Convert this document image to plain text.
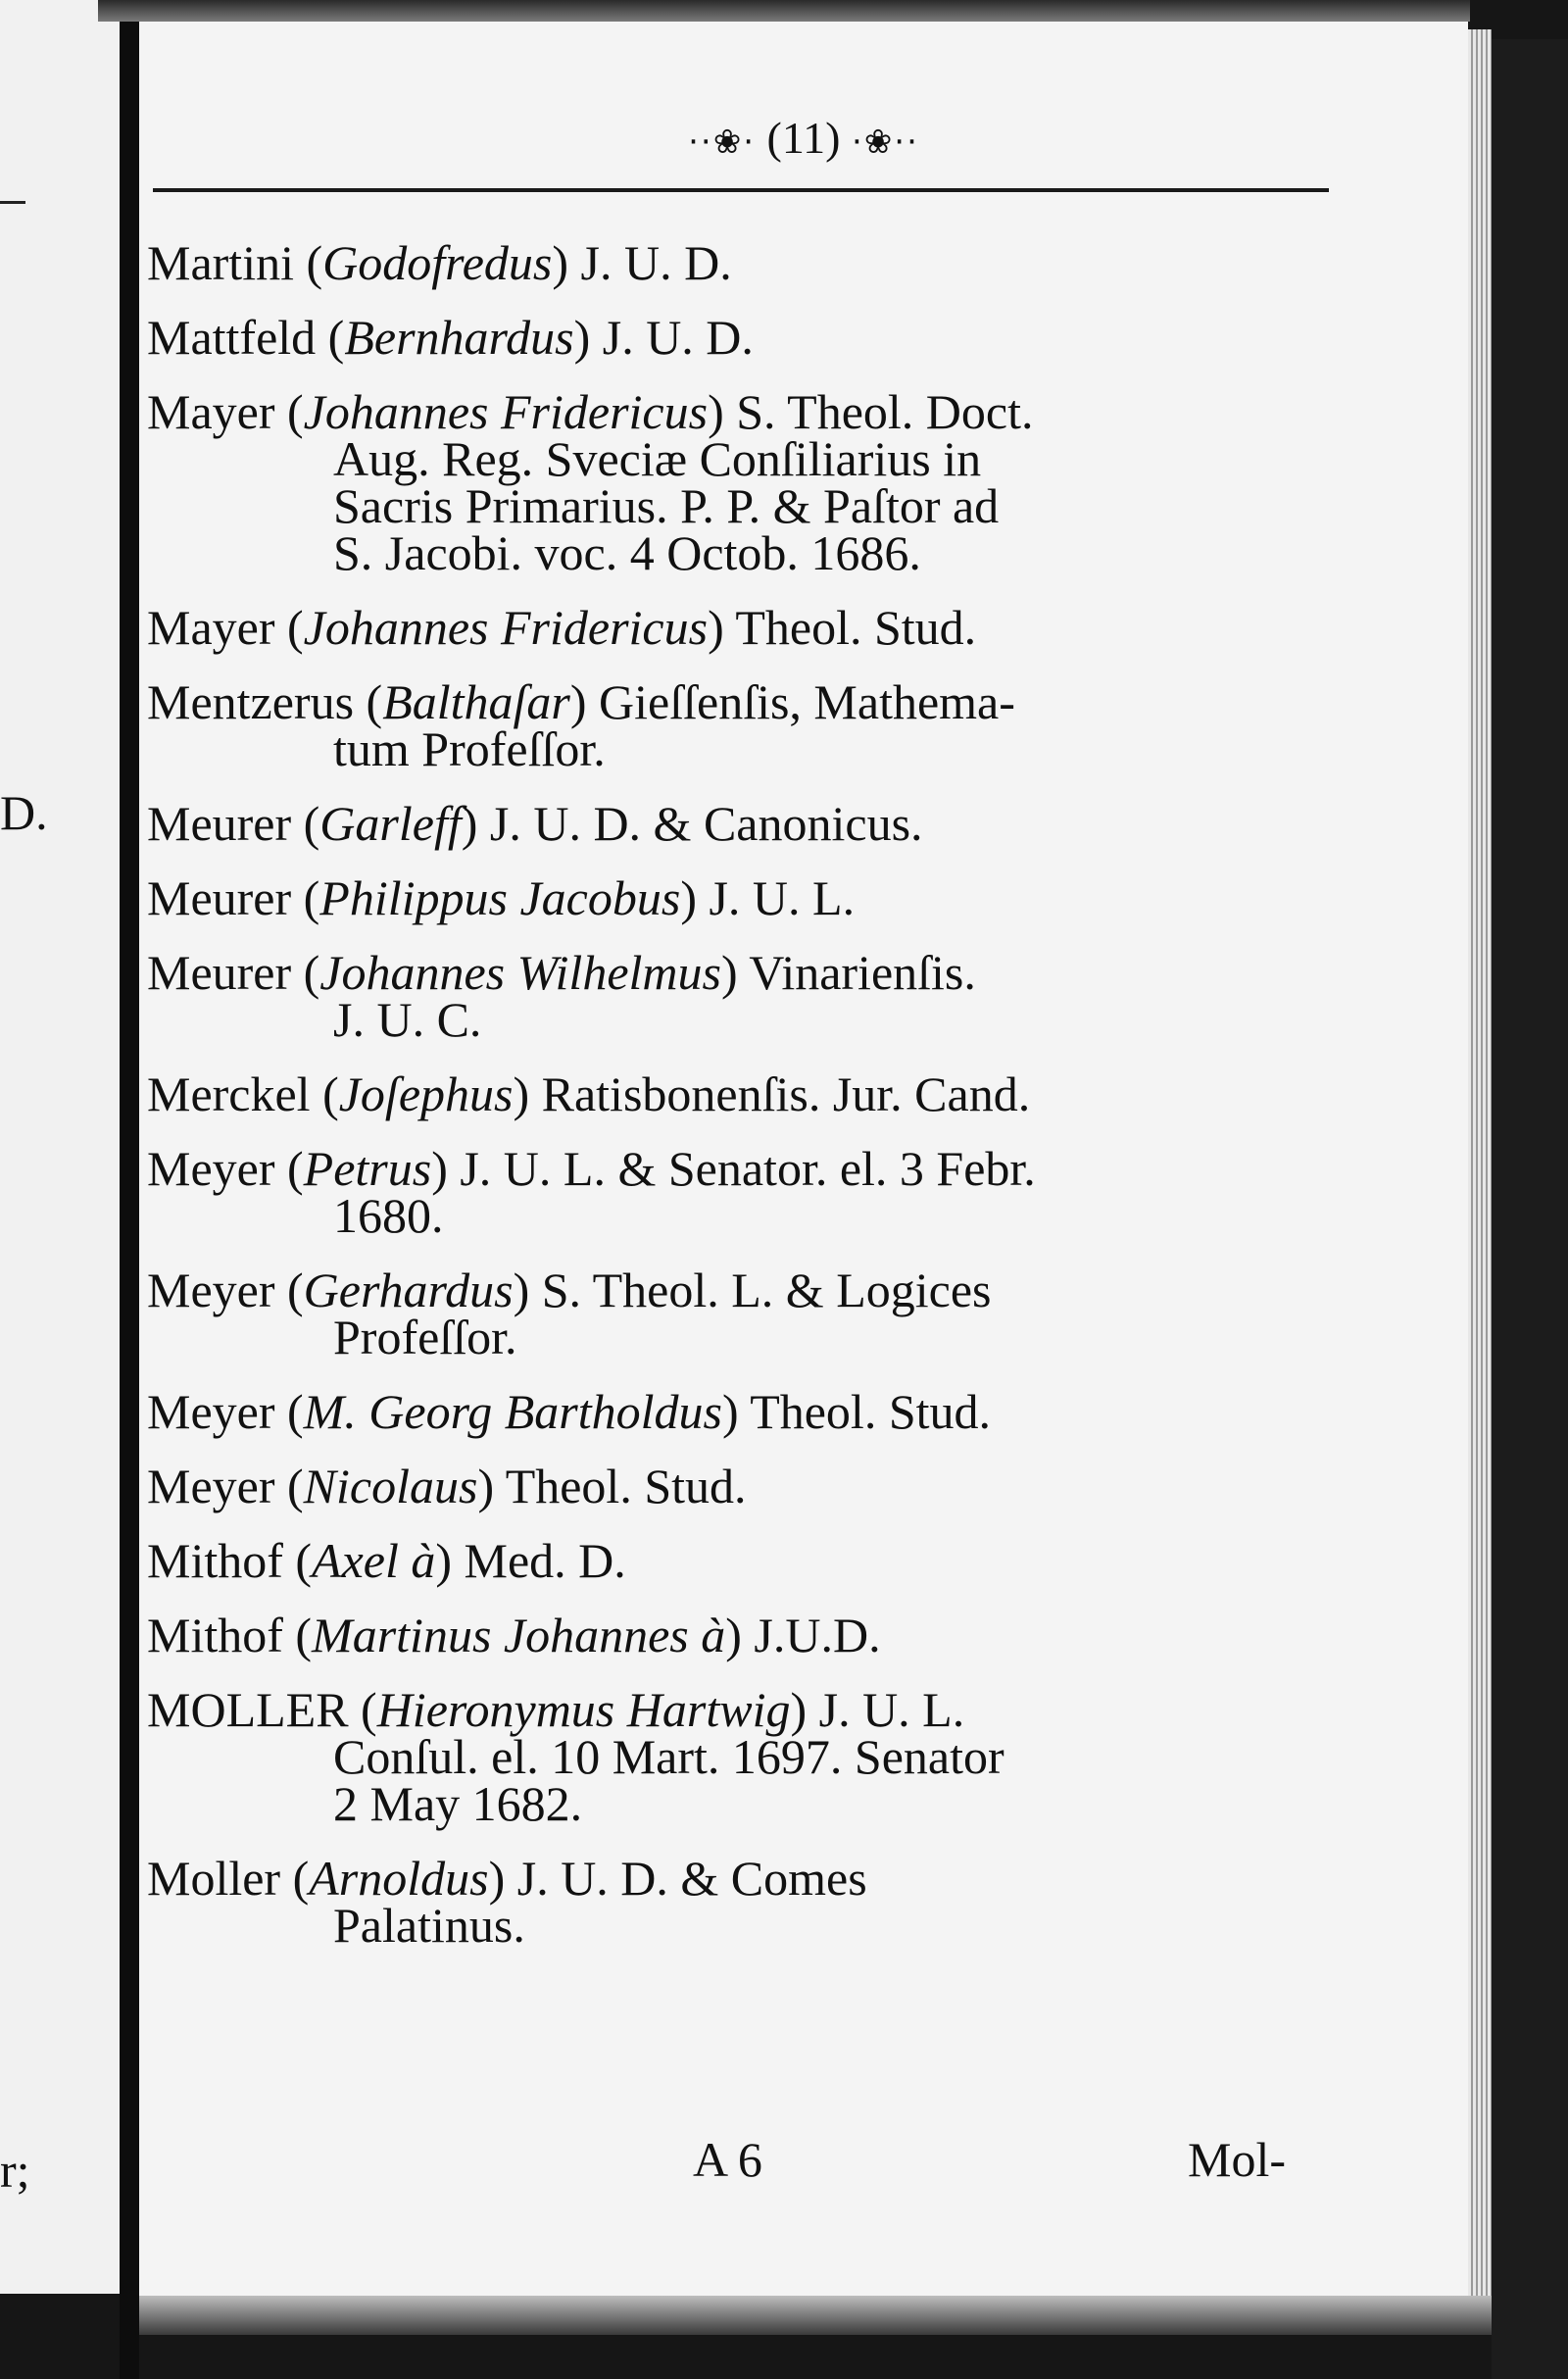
D.
r;
··❀· (11) ·❀··
Martini (Godofredus) J. U. D.
Mattfeld (Bernhardus) J. U. D.
Mayer (Johannes Fridericus) S. Theol. Doct.
Aug. Reg. Sveciæ Conſiliarius in
Sacris Primarius. P. P. & Paſtor ad
S. Jacobi. voc. 4 Octob. 1686.
Mayer (Johannes Fridericus) Theol. Stud.
Mentzerus (Balthaſar) Gieſſenſis, Mathema-
tum Profeſſor.
Meurer (Garleff) J. U. D. & Canonicus.
Meurer (Philippus Jacobus) J. U. L.
Meurer (Johannes Wilhelmus) Vinarienſis.
J. U. C.
Merckel (Joſephus) Ratisbonenſis. Jur. Cand.
Meyer (Petrus) J. U. L. & Senator. el. 3 Febr.
1680.
Meyer (Gerhardus) S. Theol. L. & Logices
Profeſſor.
Meyer (M. Georg Bartholdus) Theol. Stud.
Meyer (Nicolaus) Theol. Stud.
Mithof (Axel à) Med. D.
Mithof (Martinus Johannes à) J.U.D.
MOLLER (Hieronymus Hartwig) J. U. L.
Conſul. el. 10 Mart. 1697. Senator
2 May 1682.
Moller (Arnoldus) J. U. D. & Comes
Palatinus.
A 6	Mol-
